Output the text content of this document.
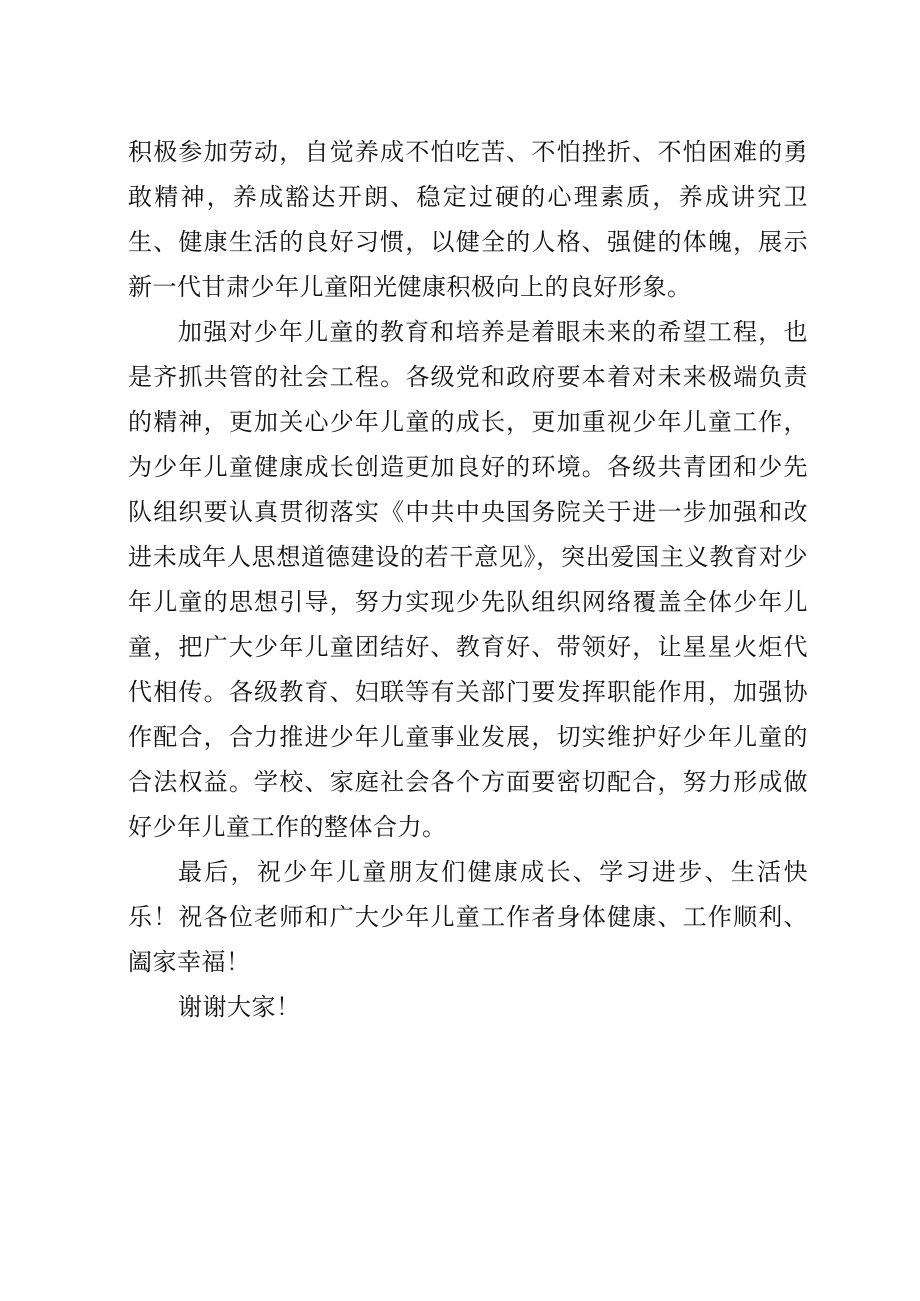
积极参加劳动，自觉养成不怕吃苦、不怕挫折、不怕困难的勇敢精神，养成豁达开朗、稳定过硬的心理素质，养成讲究卫生、健康生活的良好习惯，以健全的人格、强健的体魄，展示新一代甘肃少年儿童阳光健康积极向上的良好形象。

加强对少年儿童的教育和培养是着眼未来的希望工程，也是齐抓共管的社会工程。各级党和政府要本着对未来极端负责的精神，更加关心少年儿童的成长，更加重视少年儿童工作，为少年儿童健康成长创造更加良好的环境。各级共青团和少先队组织要认真贯彻落实《中共中央国务院关于进一步加强和改进未成年人思想道德建设的若干意见》，突出爱国主义教育对少年儿童的思想引导，努力实现少先队组织网络覆盖全体少年儿童，把广大少年儿童团结好、教育好、带领好，让星星火炬代代相传。各级教育、妇联等有关部门要发挥职能作用，加强协作配合，合力推进少年儿童事业发展，切实维护好少年儿童的合法权益。学校、家庭社会各个方面要密切配合，努力形成做好少年儿童工作的整体合力。

最后，祝少年儿童朋友们健康成长、学习进步、生活快乐！祝各位老师和广大少年儿童工作者身体健康、工作顺利、阖家幸福！

谢谢大家！
